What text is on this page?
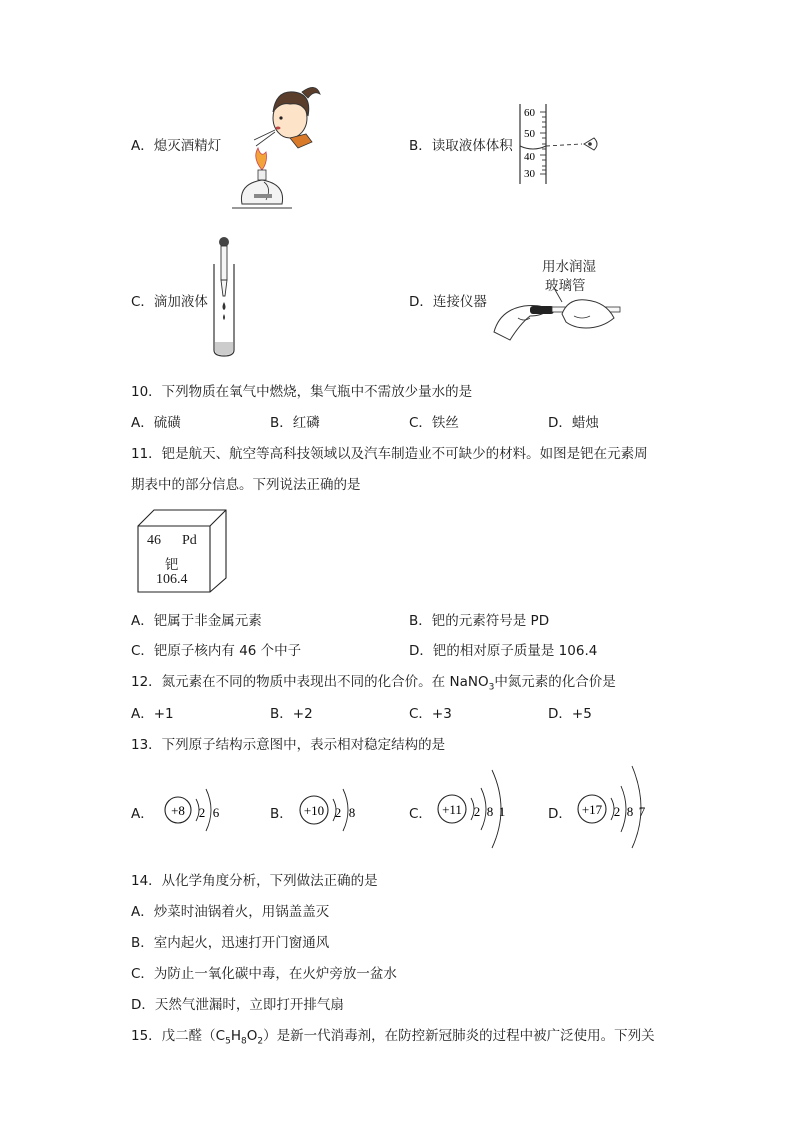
A．熄灭酒精灯	B．读取液体体积
60
50
40
30
C．滴加液体	D．连接仪器
用水润湿
玻璃管
10．下列物质在氧气中燃烧，集气瓶中不需放少量水的是
A．硫磺	B．红磷	C．铁丝	D．蜡烛
11．钯是航天、航空等高科技领域以及汽车制造业不可缺少的材料。如图是钯在元素周
期表中的部分信息。下列说法正确的是
46 Pd
钯
106.4
A．钯属于非金属元素	B．钯的元素符号是 PD
C．钯原子核内有 46 个中子	D．钯的相对原子质量是 106.4
12．氮元素在不同的物质中表现出不同的化合价。在 NaNO$_3$中氮元素的化合价是
A．+1	B．+2	C．+3	D．+5
13．下列原子结构示意图中，表示相对稳定结构的是
A． +8 2 6	B． +10 2 8	C． +11 2 8 1	D． +17 2 8 7
14．从化学角度分析，下列做法正确的是
A．炒菜时油锅着火，用锅盖盖灭
B．室内起火，迅速打开门窗通风
C．为防止一氧化碳中毒，在火炉旁放一盆水
D．天然气泄漏时，立即打开排气扇
15．戊二醛$(C_5H_8O_2)$是新一代消毒剂，在防控新冠肺炎的过程中被广泛使用。下列关
